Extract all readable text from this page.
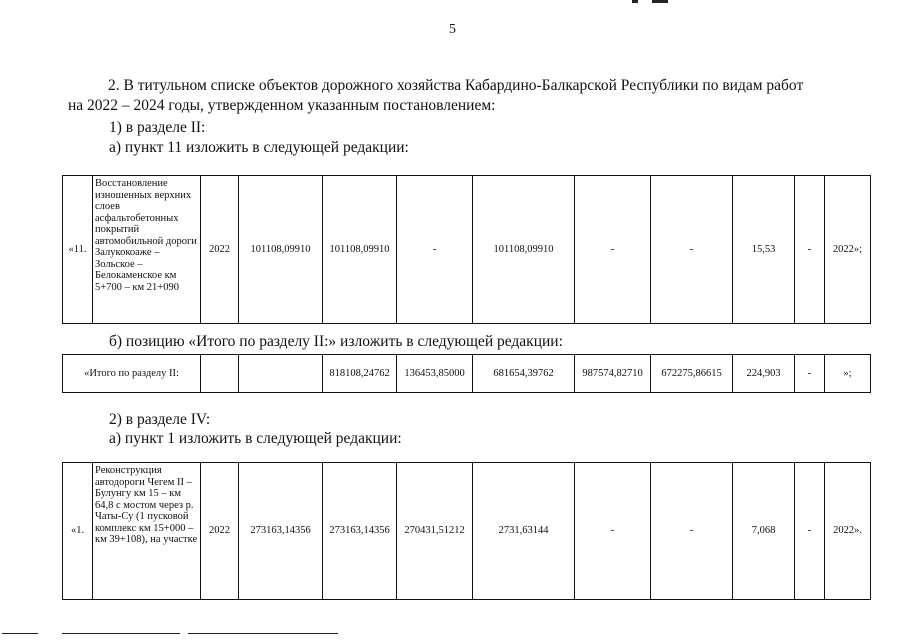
5
2. В титульном списке объектов дорожного хозяйства Кабардино-Балкарской Республики по видам работ
на 2022 – 2024 годы, утвержденном указанным постановлением:
1) в разделе II:
а) пункт 11 изложить в следующей редакции:
«11.	Восстановление изношенных верхних слоев асфальтобетонных покрытий автомобильной дороги Залукокоаже – Зольское – Белокаменское км 5+700 – км 21+090	2022	101108,09910	101108,09910	-	101108,09910	-	-	15,53	-	2022»;
б) позицию «Итого по разделу II:» изложить в следующей редакции:
«Итого по разделу II:			818108,24762	136453,85000	681654,39762	987574,82710	672275,86615	224,903	-	»;
2) в разделе IV:
а) пункт 1 изложить в следующей редакции:
«1.	Реконструкция автодороги Чегем II – Булунгу км 15 – км 64,8 с мостом через р. Чаты-Су (1 пусковой комплекс км 15+000 – км 39+108), на участке	2022	273163,14356	273163,14356	270431,51212	2731,63144	-	-	7,068	-	2022».
